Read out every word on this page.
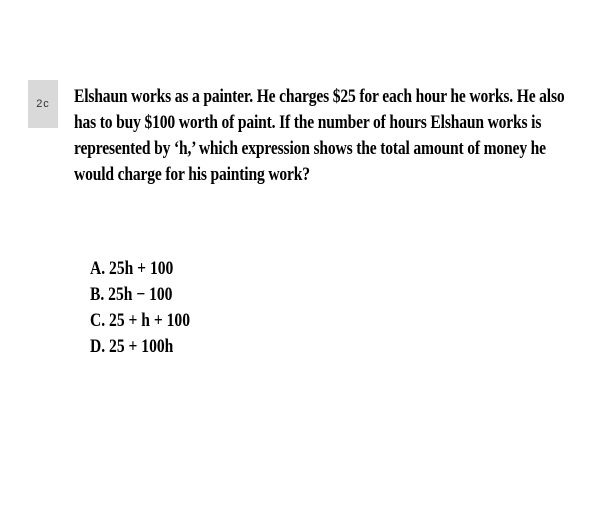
2c Elshaun works as a painter. He charges $25 for each hour he works. He also has to buy $100 worth of paint. If the number of hours Elshaun works is represented by ‘h,’ which expression shows the total amount of money he would charge for his painting work?
A. 25h + 100
B. 25h − 100
C. 25 + h + 100
D. 25 + 100h
